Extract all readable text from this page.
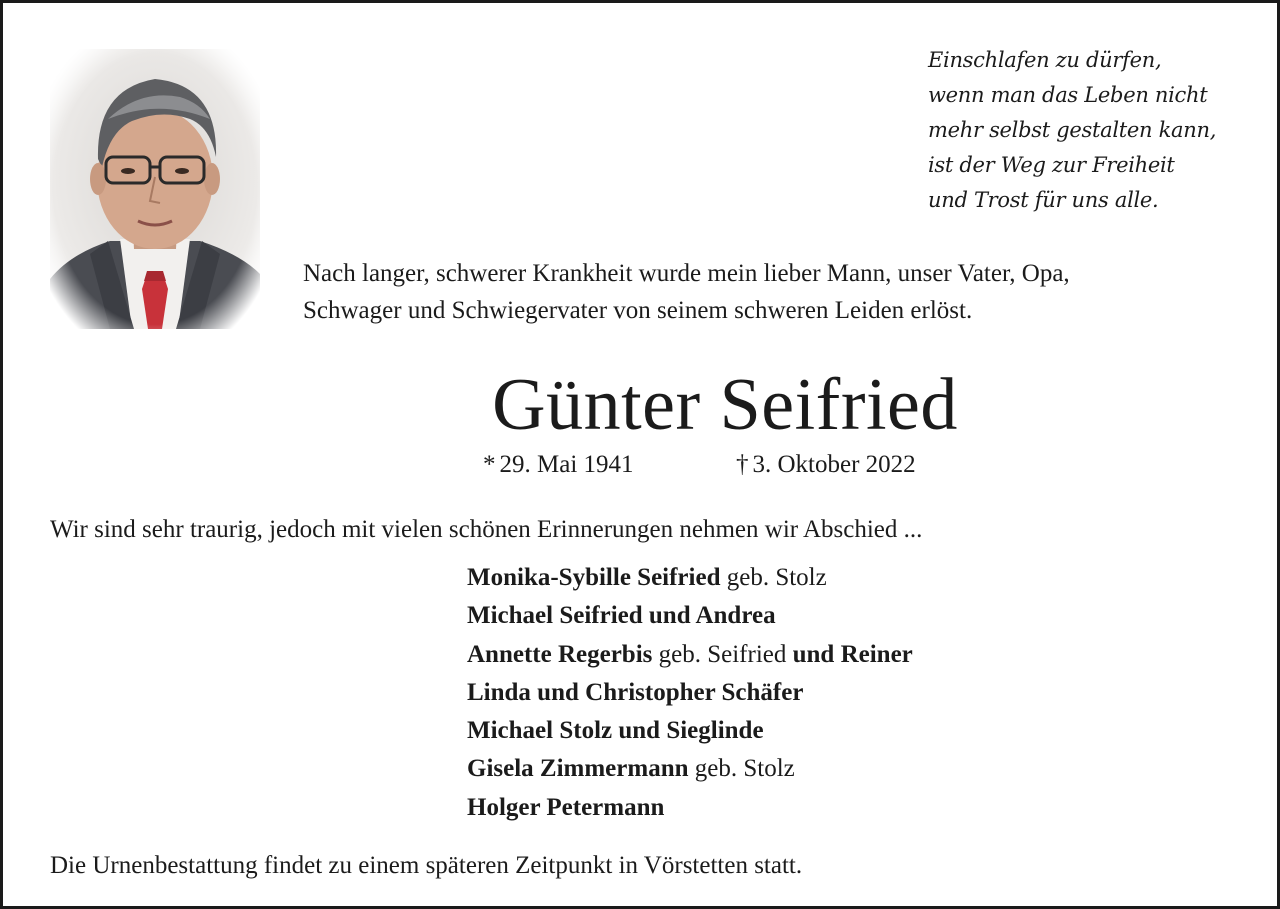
Einschlafen zu dürfen,
wenn man das Leben nicht
mehr selbst gestalten kann,
ist der Weg zur Freiheit
und Trost für uns alle.
Nach langer, schwerer Krankheit wurde mein lieber Mann, unser Vater, Opa,
Schwager und Schwiegervater von seinem schweren Leiden erlöst.
Günter Seifried
* 29. Mai 1941	† 3. Oktober 2022
Wir sind sehr traurig, jedoch mit vielen schönen Erinnerungen nehmen wir Abschied ...
Monika-Sybille Seifried geb. Stolz
Michael Seifried und Andrea
Annette Regerbis geb. Seifried und Reiner
Linda und Christopher Schäfer
Michael Stolz und Sieglinde
Gisela Zimmermann geb. Stolz
Holger Petermann
Die Urnenbestattung findet zu einem späteren Zeitpunkt in Vörstetten statt.
